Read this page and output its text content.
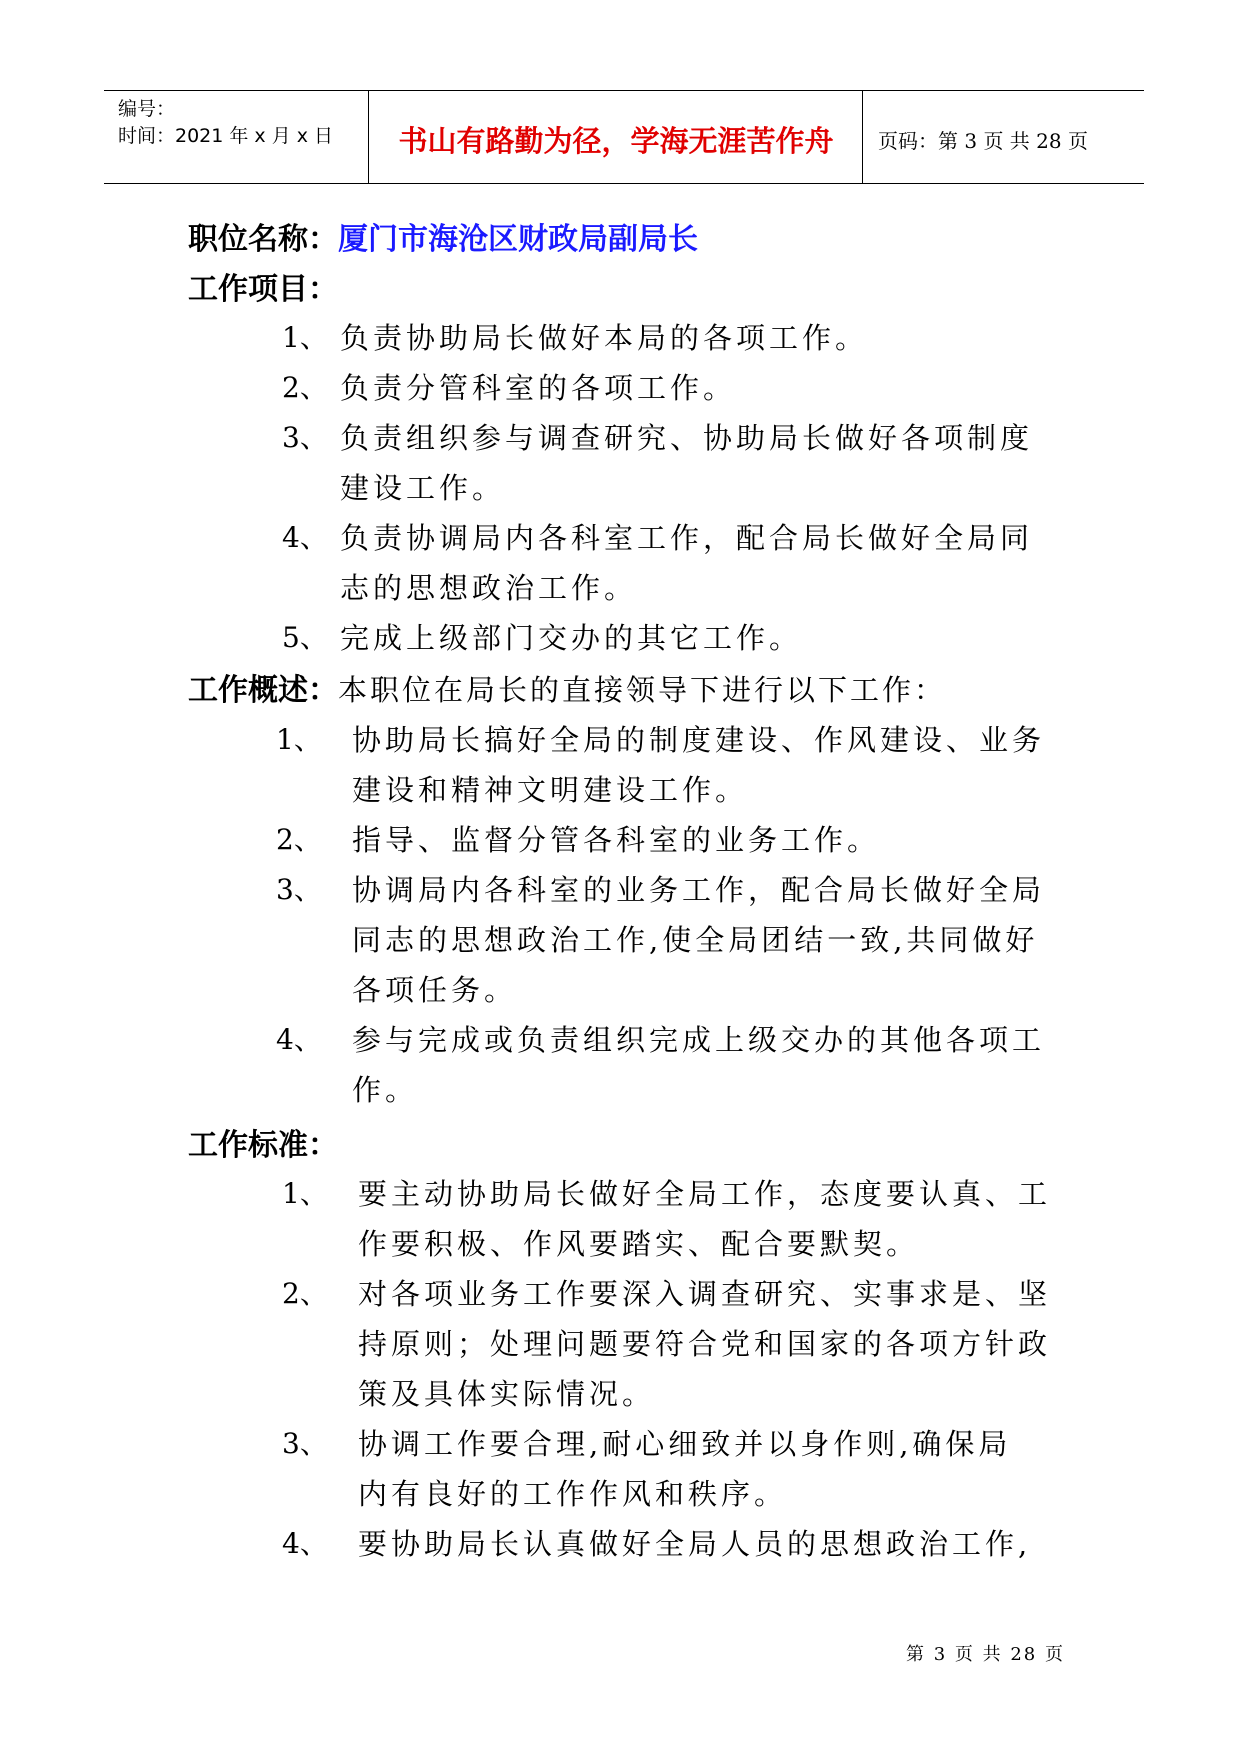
编号：
时间：2021 年 x 月 x 日	书山有路勤为径，学海无涯苦作舟	页码：第 3 页 共 28 页
职位名称：厦门市海沧区财政局副局长
工作项目：
1、 负责协助局长做好本局的各项工作。
2、 负责分管科室的各项工作。
3、 负责组织参与调查研究、协助局长做好各项制度
建设工作。
4、 负责协调局内各科室工作，配合局长做好全局同
志的思想政治工作。
5、 完成上级部门交办的其它工作。
工作概述：本职位在局长的直接领导下进行以下工作：
1、 协助局长搞好全局的制度建设、作风建设、业务
建设和精神文明建设工作。
2、 指导、监督分管各科室的业务工作。
3、 协调局内各科室的业务工作，配合局长做好全局
同志的思想政治工作,使全局团结一致,共同做好
各项任务。
4、 参与完成或负责组织完成上级交办的其他各项工
作。
工作标准：
1、 要主动协助局长做好全局工作，态度要认真、工
作要积极、作风要踏实、配合要默契。
2、 对各项业务工作要深入调查研究、实事求是、坚
持原则；处理问题要符合党和国家的各项方针政
策及具体实际情况。
3、 协调工作要合理,耐心细致并以身作则,确保局
内有良好的工作作风和秩序。
4、 要协助局长认真做好全局人员的思想政治工作,
第 3 页 共 28 页
